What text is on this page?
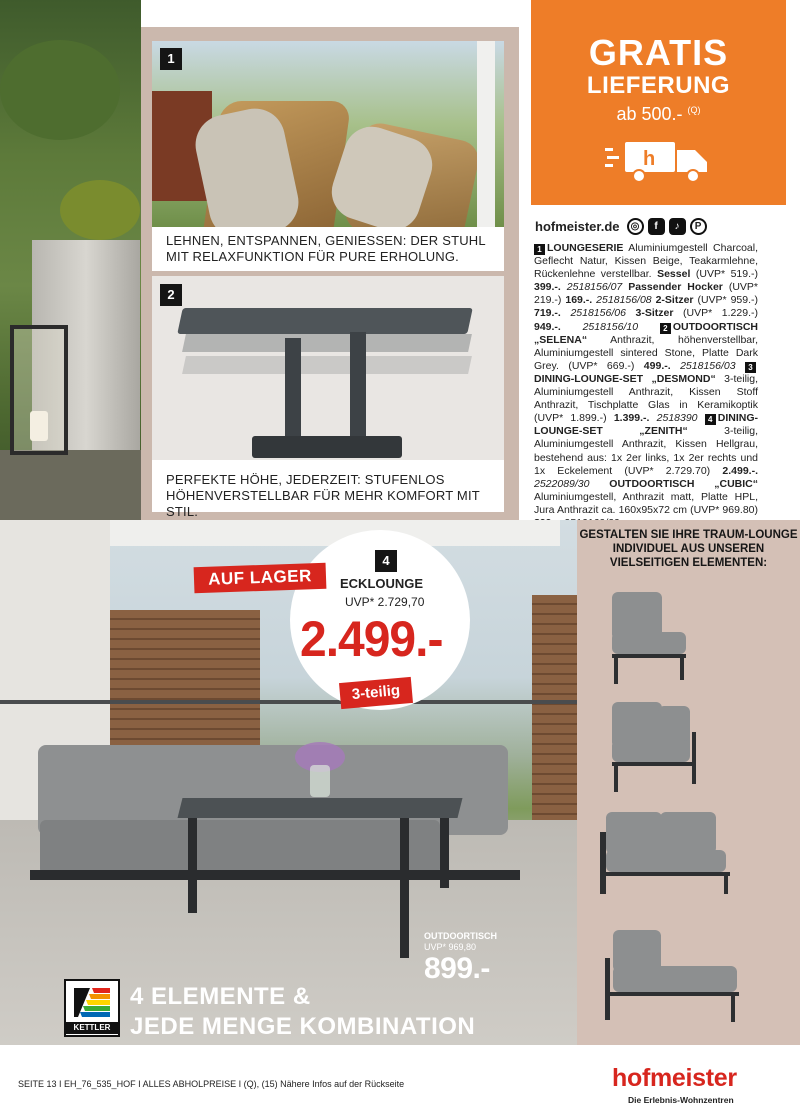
1
LEHNEN, ENTSPANNEN, GENIESSEN: DER STUHL MIT RELAXFUNKTION FÜR PURE ERHOLUNG.
2
PERFEKTE HÖHE, JEDERZEIT: STUFENLOS HÖHENVERSTELLBAR FÜR MEHR KOMFORT MIT STIL.
GRATIS
LIEFERUNG
ab 500.- $^{(Q)}$
h
hofmeister.de	◎	f	♪	P
1 LOUNGESERIE Aluminiumgestell Charcoal, Geflecht Natur, Kissen Beige, Teakarmlehne, Rückenlehne verstellbar. Sessel (UVP* 519.-) 399.-. 2518156/07 Passender Hocker (UVP* 219.-) 169.-. 2518156/08 2-Sitzer (UVP* 959.-) 719.-. 2518156/06 3-Sitzer (UVP* 1.229.-) 949.-. 2518156/10	2 OUTDOORTISCH „SELENA“ Anthrazit, höhenverstellbar, Aluminiumgestell sintered Stone, Platte Dark Grey. (UVP* 669.-) 499.-. 2518156/03 3DINING-LOUNGE-SET „DESMOND“ 3-teilig, Aluminiumgestell Anthrazit, Kissen Stoff Anthrazit, Tischplatte Glas in Keramikoptik (UVP* 1.899.-) 1.399.-. 2518390 4 DINING-LOUNGE-SET „ZENITH“ 3-teilig, Aluminiumgestell Anthrazit, Kissen Hellgrau, bestehend aus: 1x 2er links, 1x 2er rechts und 1x Eckelement (UVP* 2.729.70) 2.499.-. 2522089/30 OUTDOORTISCH „CUBIC“ Aluminiumgestell, Anthrazit matt, Platte HPL, Jura Anthrazit ca. 160x95x72 cm (UVP* 969.80)
GESTALTEN SIE IHRE TRAUM-LOUNGE INDIVIDUEL AUS UNSEREN VIELSEITIGEN ELEMENTEN:
AUF LAGER
4
ECKLOUNGE
UVP* 2.729,70
2.499.-
3-teilig
OUTDOORTISCH
UVP* 969,80
899.-
KETTLER
4 ELEMENTE &
JEDE MENGE KOMBINATION
SEITE 13 I EH_76_535_HOF I ALLES ABHOLPREISE I (Q), (15) Nähere Infos auf der Rückseite	hofmeister
Die Erlebnis-Wohnzentren
